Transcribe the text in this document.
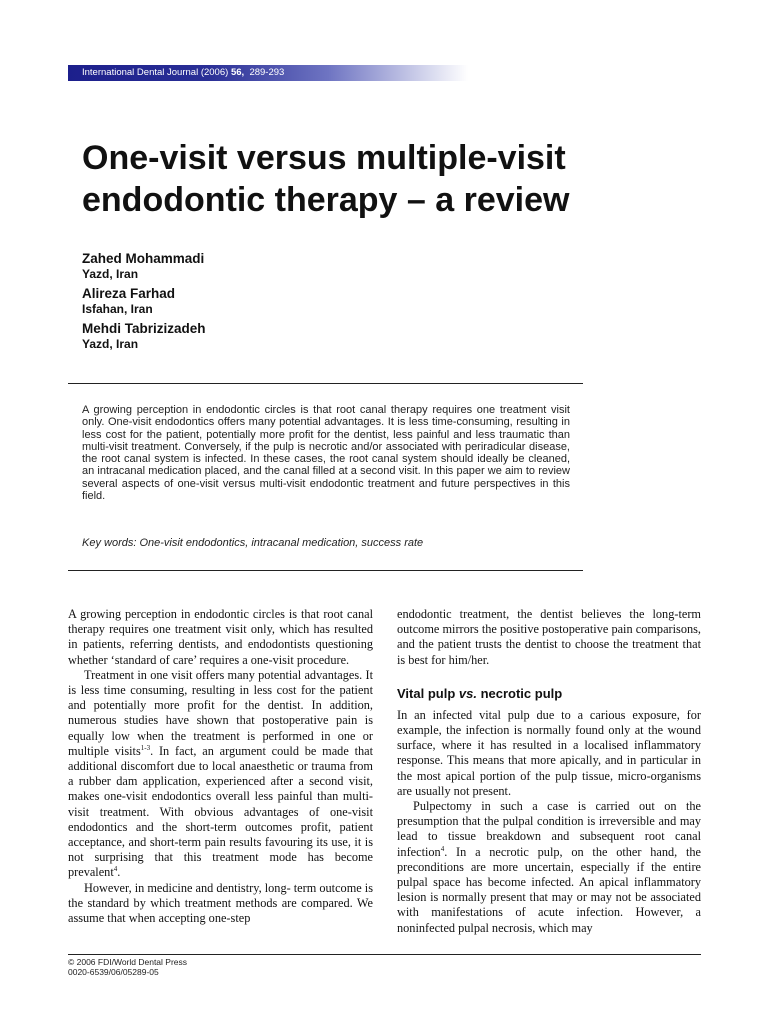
International Dental Journal (2006) 56, 289-293
One-visit versus multiple-visit
endodontic therapy – a review
Zahed Mohammadi
Yazd, Iran
Alireza Farhad
Isfahan, Iran
Mehdi Tabrizizadeh
Yazd, Iran

A growing perception in endodontic circles is that root canal therapy requires one treatment visit only. One-visit endodontics offers many potential advantages. It is less time-consuming, resulting in less cost for the patient, potentially more profit for the dentist, less painful and less traumatic than multi-visit treatment. Conversely, if the pulp is necrotic and/or associated with periradicular disease, the root canal system is infected. In these cases, the root canal system should ideally be cleaned, an intracanal medication placed, and the canal filled at a second visit. In this paper we aim to review several aspects of one-visit versus multi-visit endodontic treatment and future perspectives in this field.

Key words: One-visit endodontics, intracanal medication, success rate

A growing perception in endodontic circles is that root canal therapy requires one treatment visit only, which has resulted in patients, referring dentists, and endodontists questioning whether ‘standard of care’ requires a one-visit procedure.

Treatment in one visit offers many potential advantages. It is less time consuming, resulting in less cost for the patient and potentially more profit for the dentist. In addition, numerous studies have shown that postoperative pain is equally low when the treatment is performed in one or multiple visits$^{1-3}$. In fact, an argument could be made that additional discomfort due to local anaesthetic or trauma from a rubber dam application, experienced after a second visit, makes one-visit endodontics overall less painful than multi-visit treatment. With obvious advantages of one-visit endodontics and the short-term outcomes profit, patient acceptance, and short-term pain results favouring its use, it is not surprising that this treatment mode has become prevalent$^4$.

However, in medicine and dentistry, long- term outcome is the standard by which treatment methods are compared. We assume that when accepting one-step

endodontic treatment, the dentist believes the long-term outcome mirrors the positive postoperative pain comparisons, and the patient trusts the dentist to choose the treatment that is best for him/her.

Vital pulp vs. necrotic pulp

In an infected vital pulp due to a carious exposure, for example, the infection is normally found only at the wound surface, where it has resulted in a localised inflammatory response. This means that more apically, and in particular in the most apical portion of the pulp tissue, micro-organisms are usually not present.

Pulpectomy in such a case is carried out on the presumption that the pulpal condition is irreversible and may lead to tissue breakdown and subsequent root canal infection$^4$. In a necrotic pulp, on the other hand, the preconditions are more uncertain, especially if the entire pulpal space has become infected. An apical inflammatory lesion is normally present that may or may not be associated with manifestations of acute infection. However, a noninfected pulpal necrosis, which may

© 2006 FDI/World Dental Press
0020-6539/06/05289-05
